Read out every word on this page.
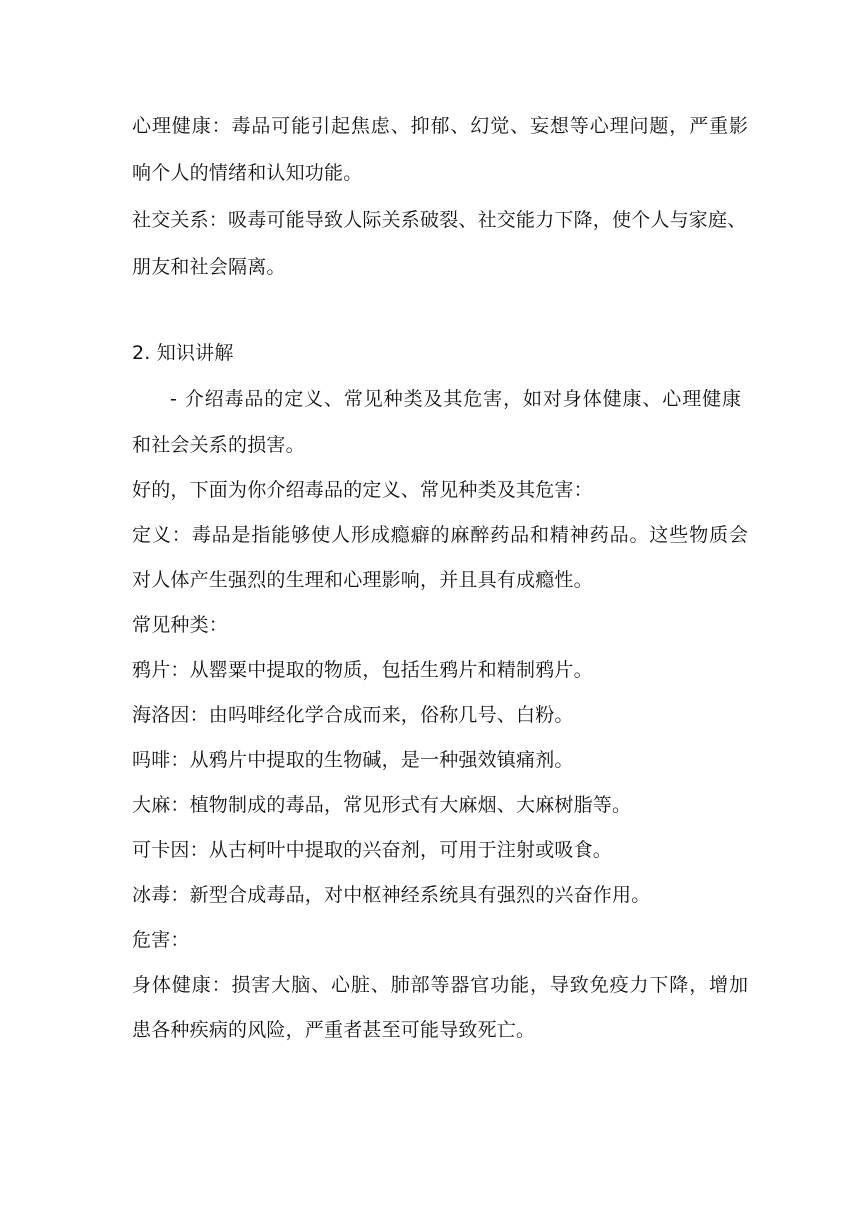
心理健康：毒品可能引起焦虑、抑郁、幻觉、妄想等心理问题，严重影
响个人的情绪和认知功能。
社交关系：吸毒可能导致人际关系破裂、社交能力下降，使个人与家庭、
朋友和社会隔离。
2. 知识讲解
- 介绍毒品的定义、常见种类及其危害，如对身体健康、心理健康
和社会关系的损害。
好的，下面为你介绍毒品的定义、常见种类及其危害：
定义：毒品是指能够使人形成瘾癖的麻醉药品和精神药品。这些物质会
对人体产生强烈的生理和心理影响，并且具有成瘾性。
常见种类：
鸦片：从罂粟中提取的物质，包括生鸦片和精制鸦片。
海洛因：由吗啡经化学合成而来，俗称几号、白粉。
吗啡：从鸦片中提取的生物碱，是一种强效镇痛剂。
大麻：植物制成的毒品，常见形式有大麻烟、大麻树脂等。
可卡因：从古柯叶中提取的兴奋剂，可用于注射或吸食。
冰毒：新型合成毒品，对中枢神经系统具有强烈的兴奋作用。
危害：
身体健康：损害大脑、心脏、肺部等器官功能，导致免疫力下降，增加
患各种疾病的风险，严重者甚至可能导致死亡。
